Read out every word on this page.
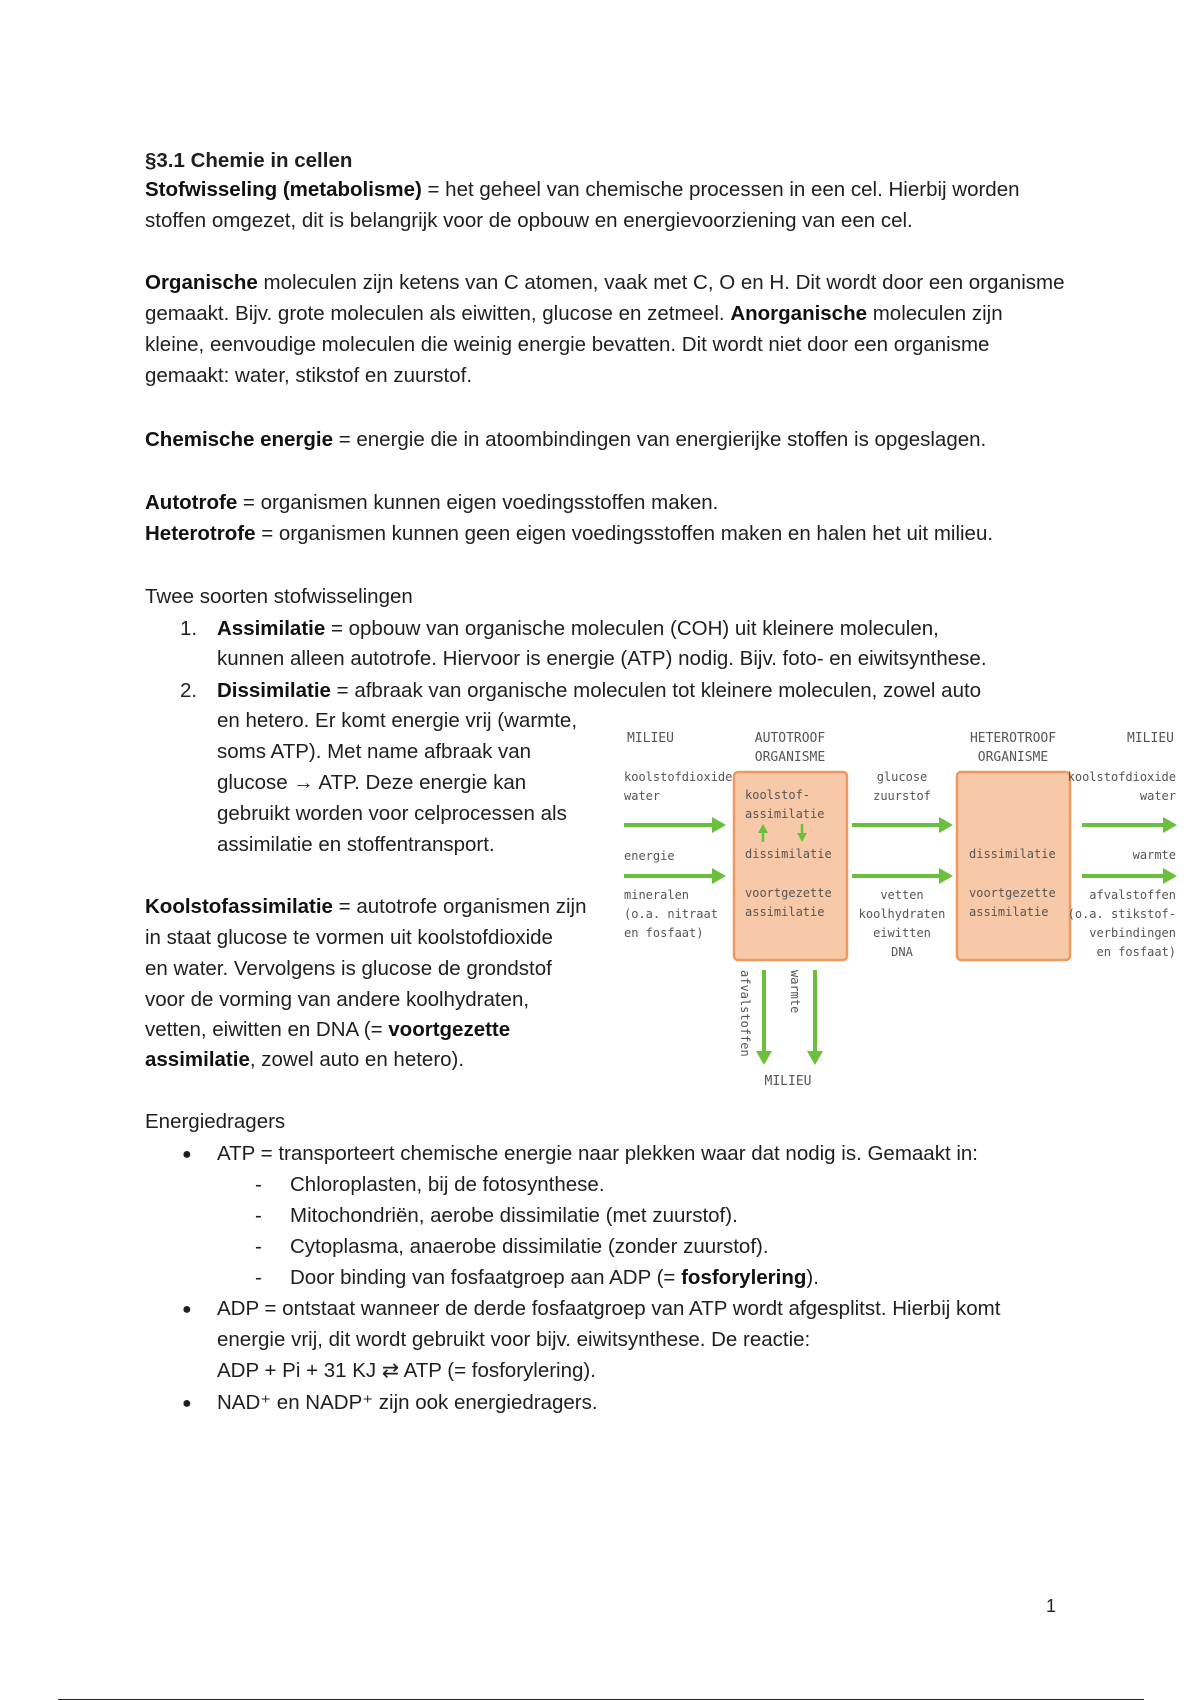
§3.1 Chemie in cellen

Stofwisseling (metabolisme) = het geheel van chemische processen in een cel. Hierbij worden stoffen omgezet, dit is belangrijk voor de opbouw en energievoorziening van een cel.

Organische moleculen zijn ketens van C atomen, vaak met C, O en H. Dit wordt door een organisme gemaakt. Bijv. grote moleculen als eiwitten, glucose en zetmeel. Anorganische moleculen zijn kleine, eenvoudige moleculen die weinig energie bevatten. Dit wordt niet door een organisme gemaakt: water, stikstof en zuurstof.

Chemische energie = energie die in atoombindingen van energierijke stoffen is opgeslagen.

Autotrofe = organismen kunnen eigen voedingsstoffen maken.

Heterotrofe = organismen kunnen geen eigen voedingsstoffen maken en halen het uit milieu.

Twee soorten stofwisselingen
1. Assimilatie = opbouw van organische moleculen (COH) uit kleinere moleculen,
kunnen alleen autotrofe. Hiervoor is energie (ATP) nodig. Bijv. foto- en eiwitsynthese.
2. Dissimilatie = afbraak van organische moleculen tot kleinere moleculen, zowel auto
en hetero. Er komt energie vrij (warmte,
soms ATP). Met name afbraak van
glucose → ATP. Deze energie kan
gebruikt worden voor celprocessen als
assimilatie en stoffentransport.
Koolstofassimilatie = autotrofe organismen zijn
in staat glucose te vormen uit koolstofdioxide
en water. Vervolgens is glucose de grondstof
voor de vorming van andere koolhydraten,
vetten, eiwitten en DNA (= voortgezette
assimilatie, zowel auto en hetero).
MILIEU	AUTOTROOF
ORGANISME
HETEROTROOF
ORGANISME
MILIEU
koolstofdioxide
water
energie
mineralen
(o.a. nitraat
en fosfaat)
koolstof-
assimilatie
dissimilatie
voortgezette
assimilatie
glucose
zuurstof
vetten
koolhydraten
eiwitten
DNA
dissimilatie
voortgezette
assimilatie
koolstofdioxide
water
warmte
afvalstoffen
(o.a. stikstof-
verbindingen
en fosfaat)
afvalstoffen	warmte
MILIEU
Energiedragers
● ATP = transporteert chemische energie naar plekken waar dat nodig is. Gemaakt in:
- Chloroplasten, bij de fotosynthese.
- Mitochondriën, aerobe dissimilatie (met zuurstof).
- Cytoplasma, anaerobe dissimilatie (zonder zuurstof).
- Door binding van fosfaatgroep aan ADP (= fosforylering).
● ADP = ontstaat wanneer de derde fosfaatgroep van ATP wordt afgesplitst. Hierbij komt
energie vrij, dit wordt gebruikt voor bijv. eiwitsynthese. De reactie:
ADP + Pi + 31 KJ ⇄ ATP (= fosforylering).
● NAD⁺ en NADP⁺ zijn ook energiedragers.
1
